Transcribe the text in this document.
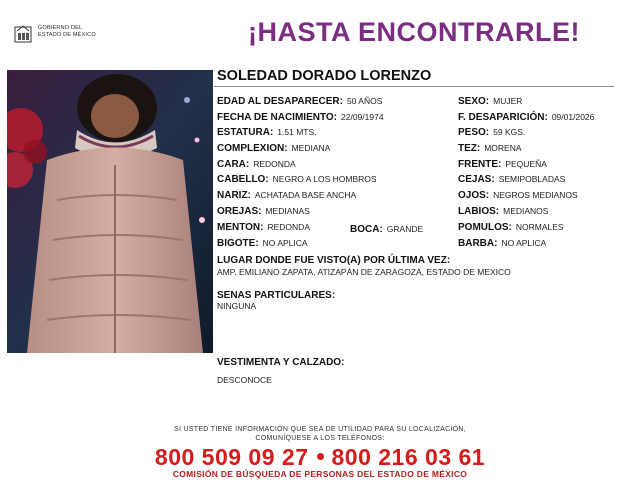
GOBIERNO DEL
ESTADO DE MÉXICO	¡HASTA ENCONTRARLE!
SOLEDAD DORADO LORENZO
EDAD AL DESAPARECER: 50 AÑOS
FECHA DE NACIMIENTO: 22/09/1974
ESTATURA: 1.51 MTS.
COMPLEXION: MEDIANA
CARA: REDONDA
CABELLO: NEGRO A LOS HOMBROS
NARIZ: ACHATADA BASE ANCHA
OREJAS: MEDIANAS
MENTON: REDONDA	BOCA: GRANDE
BIGOTE: NO APLICA
SEXO: MUJER
F. DESAPARICIÓN: 09/01/2026
PESO: 59 KGS.
TEZ: MORENA
FRENTE: PEQUEÑA
CEJAS: SEMIPOBLADAS
OJOS: NEGROS MEDIANOS
LABIOS: MEDIANOS
POMULOS: NORMALES
BARBA: NO APLICA
LUGAR DONDE FUE VISTO(A) POR ÚLTIMA VEZ:
AMP. EMILIANO ZAPATA, ATIZAPÁN DE ZARAGOZA, ESTADO DE MEXICO
SENAS PARTICULARES:
NINGUNA
VESTIMENTA Y CALZADO:
DESCONOCE
SI USTED TIENE INFORMACIÓN QUE SEA DE UTILIDAD PARA SU LOCALIZACIÓN,
COMUNÍQUESE A LOS TELÉFONOS:
800 509 09 27 800 216 03 61
COMISIÓN DE BÚSQUEDA DE PERSONAS DEL ESTADO DE MÉXICO
